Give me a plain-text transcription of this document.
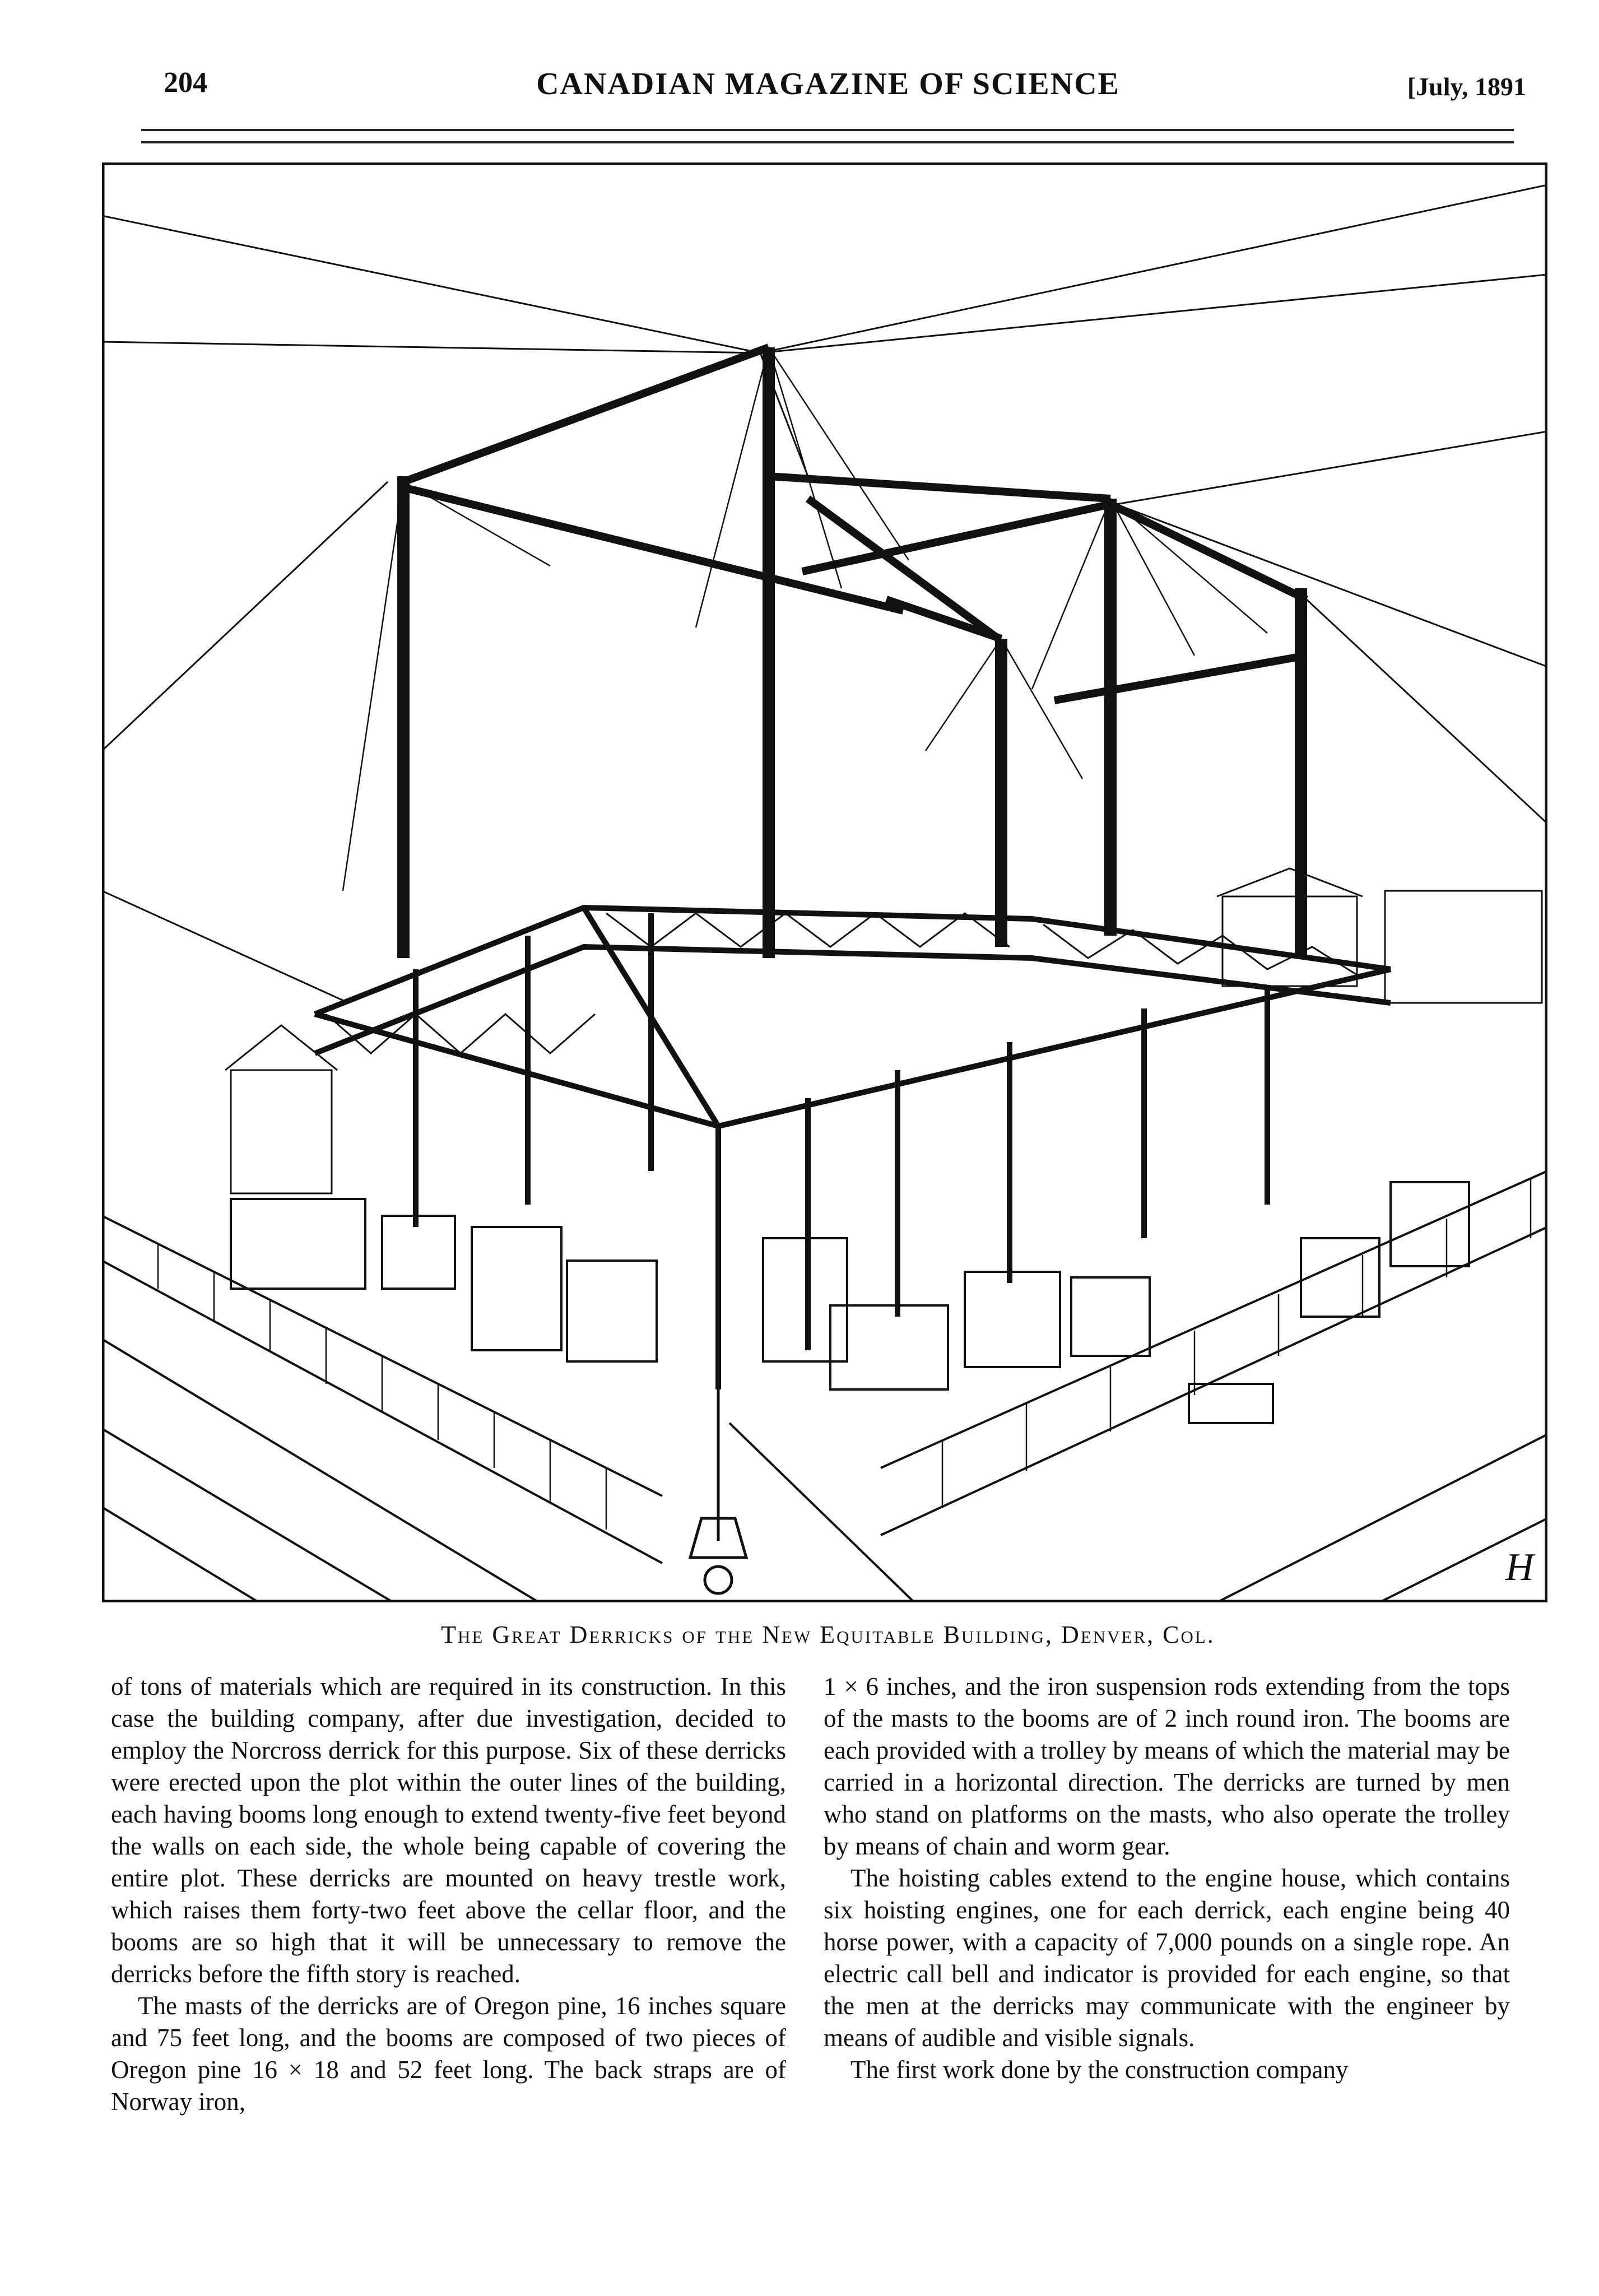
204	CANADIAN MAGAZINE OF SCIENCE	[July, 1891
H
The Great Derricks of the New Equitable Building, Denver, Col.

of tons of materials which are required in its construction. In this case the building company, after due investigation, decided to employ the Norcross derrick for this purpose. Six of these derricks were erected upon the plot within the outer lines of the building, each having booms long enough to extend twenty-five feet beyond the walls on each side, the whole being capable of covering the entire plot. These derricks are mounted on heavy trestle work, which raises them forty-two feet above the cellar floor, and the booms are so high that it will be unnecessary to remove the derricks before the fifth story is reached.

The masts of the derricks are of Oregon pine, 16 inches square and 75 feet long, and the booms are composed of two pieces of Oregon pine 16 × 18 and 52 feet long. The back straps are of Norway iron,

1 × 6 inches, and the iron suspension rods extending from the tops of the masts to the booms are of 2 inch round iron. The booms are each provided with a trolley by means of which the material may be carried in a horizontal direction. The derricks are turned by men who stand on platforms on the masts, who also operate the trolley by means of chain and worm gear.

The hoisting cables extend to the engine house, which contains six hoisting engines, one for each derrick, each engine being 40 horse power, with a capacity of 7,000 pounds on a single rope. An electric call bell and indicator is provided for each engine, so that the men at the derricks may communicate with the engineer by means of audible and visible signals.

The first work done by the construction company
